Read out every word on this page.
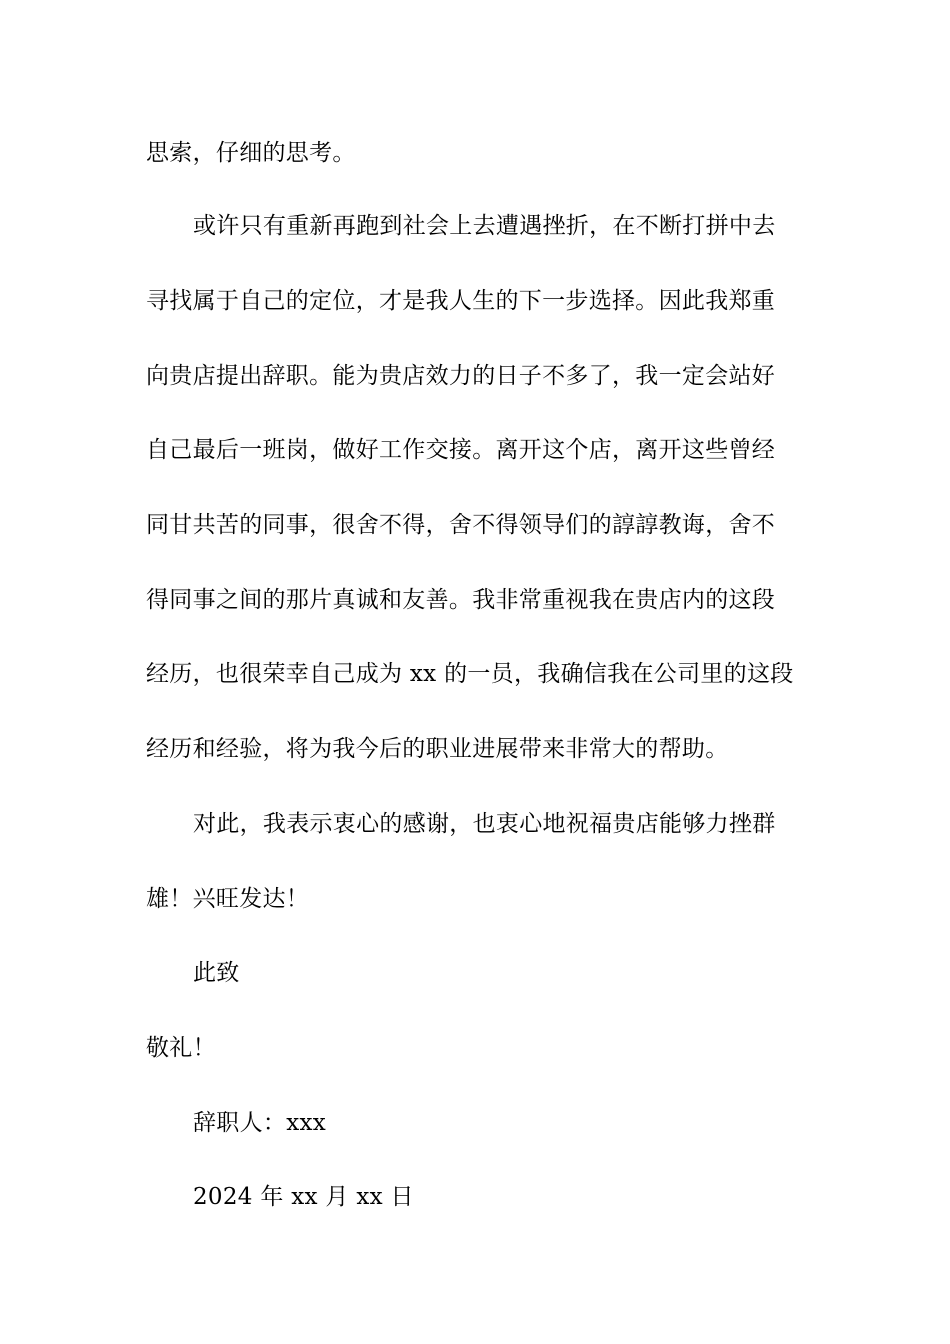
思索，仔细的思考。
或许只有重新再跑到社会上去遭遇挫折，在不断打拼中去
寻找属于自己的定位，才是我人生的下一步选择。因此我郑重
向贵店提出辞职。能为贵店效力的日子不多了，我一定会站好
自己最后一班岗，做好工作交接。离开这个店，离开这些曾经
同甘共苦的同事，很舍不得，舍不得领导们的諄諄教诲，舍不
得同事之间的那片真诚和友善。我非常重视我在贵店内的这段
经历，也很荣幸自己成为 xx 的一员，我确信我在公司里的这段
经历和经验，将为我今后的职业进展带来非常大的帮助。
对此，我表示衷心的感谢，也衷心地祝福贵店能够力挫群
雄！兴旺发达！
此致
敬礼！
辞职人：xxx
2024 年 xx 月 xx 日
